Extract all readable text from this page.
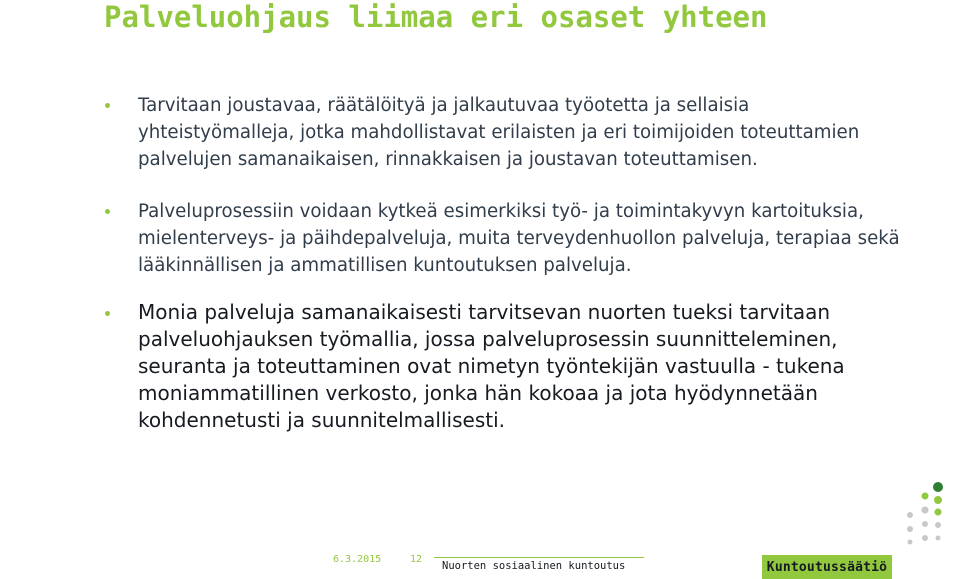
Palveluohjaus liimaa eri osaset yhteen
Tarvitaan joustavaa, räätälöityä ja jalkautuvaa työotetta ja sellaisia yhteistyömalleja, jotka mahdollistavat erilaisten ja eri toimijoiden toteuttamien palvelujen samanaikaisen, rinnakkaisen ja joustavan toteuttamisen.
Palveluprosessiin voidaan kytkeä esimerkiksi työ- ja toimintakyvyn kartoituksia, mielenterveys- ja päihdepalveluja, muita terveydenhuollon palveluja, terapiaa sekä lääkinnällisen ja ammatillisen kuntoutuksen palveluja.
Monia palveluja samanaikaisesti tarvitsevan nuorten tueksi tarvitaan palveluohjauksen työmallia, jossa palveluprosessin suunnitteleminen, seuranta ja toteuttaminen ovat nimetyn työntekijän vastuulla - tukena moniammatillinen verkosto, jonka hän kokoaa ja jota hyödynnetään kohdennetusti ja suunnitelmallisesti.
6.3.2015	12
Nuorten sosiaalinen kuntoutus	Kuntoutussäätiö
